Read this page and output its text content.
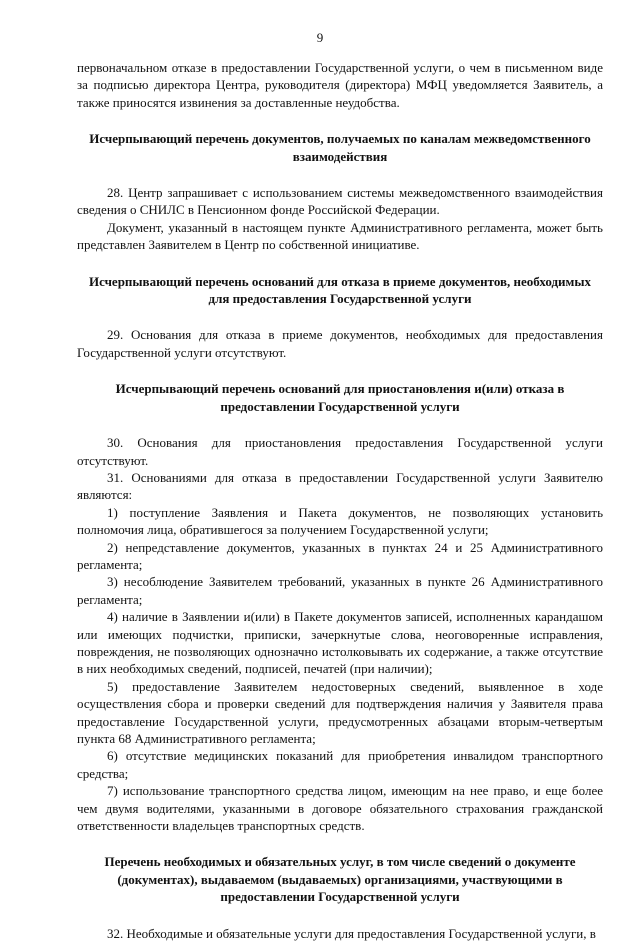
9

первоначальном отказе в предоставлении Государственной услуги, о чем в письменном виде за подписью директора Центра, руководителя (директора) МФЦ уведомляется Заявитель, а также приносятся извинения за доставленные неудобства.

Исчерпывающий перечень документов, получаемых по каналам межведомственного взаимодействия

28. Центр запрашивает с использованием системы межведомственного взаимодействия сведения о СНИЛС в Пенсионном фонде Российской Федерации.

Документ, указанный в настоящем пункте Административного регламента, может быть представлен Заявителем в Центр по собственной инициативе.

Исчерпывающий перечень оснований для отказа в приеме документов, необходимых для предоставления Государственной услуги

29. Основания для отказа в приеме документов, необходимых для предоставления Государственной услуги отсутствуют.

Исчерпывающий перечень оснований для приостановления и(или) отказа в предоставлении Государственной услуги

30. Основания для приостановления предоставления Государственной услуги отсутствуют.

31. Основаниями для отказа в предоставлении Государственной услуги Заявителю являются:

1) поступление Заявления и Пакета документов, не позволяющих установить полномочия лица, обратившегося за получением Государственной услуги;

2) непредставление документов, указанных в пунктах 24 и 25 Административного регламента;

3) несоблюдение Заявителем требований, указанных в пункте 26 Административного регламента;

4) наличие в Заявлении и(или) в Пакете документов записей, исполненных карандашом или имеющих подчистки, приписки, зачеркнутые слова, неоговоренные исправления, повреждения, не позволяющих однозначно истолковывать их содержание, а также отсутствие в них необходимых сведений, подписей, печатей (при наличии);

5) предоставление Заявителем недостоверных сведений, выявленное в ходе осуществления сбора и проверки сведений для подтверждения наличия у Заявителя права предоставление Государственной услуги, предусмотренных абзацами вторым-четвертым пункта 68 Административного регламента;

6) отсутствие медицинских показаний для приобретения инвалидом транспортного средства;

7) использование транспортного средства лицом, имеющим на нее право, и еще более чем двумя водителями, указанными в договоре обязательного страхования гражданской ответственности владельцев транспортных средств.

Перечень необходимых и обязательных услуг, в том числе сведений о документе (документах), выдаваемом (выдаваемых) организациями, участвующими в предоставлении Государственной услуги

32. Необходимые и обязательные услуги для предоставления Государственной услуги, в
